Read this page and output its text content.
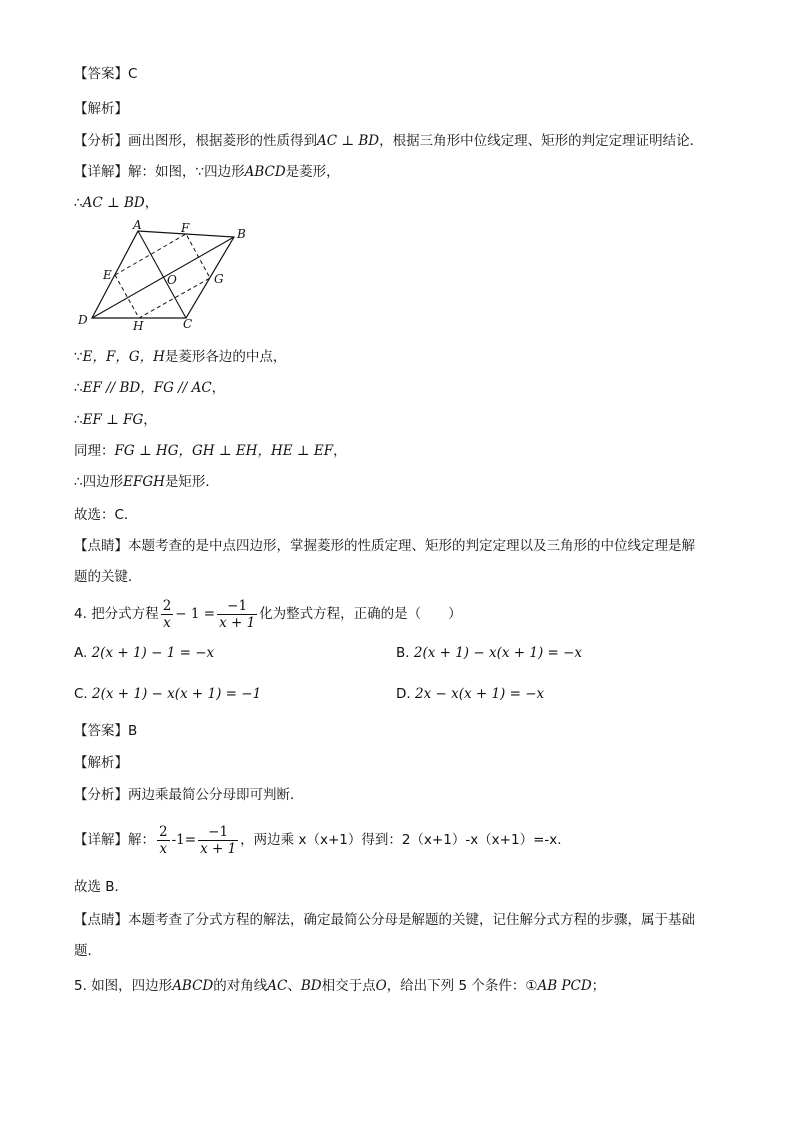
【答案】C
【解析】
【分析】画出图形，根据菱形的性质得到AC ⊥ BD，根据三角形中位线定理、矩形的判定定理证明结论．
【详解】解：如图，∵四边形ABCD是菱形，
∴AC ⊥ BD，
A	F	B
E	O	G
D	H	C
∵E，F，G，H是菱形各边的中点，
∴EF // BD，FG // AC，
∴EF ⊥ FG，
同理：FG ⊥ HG，GH ⊥ EH，HE ⊥ EF，
∴四边形EFGH是矩形．
故选：C．
【点睛】本题考查的是中点四边形，掌握菱形的性质定理、矩形的判定定理以及三角形的中位线定理是解
题的关键．
4. 把分式方程 $\frac{2}{x} - 1 = \frac{-1}{x + 1}$ 化为整式方程，正确的是（　　）
A. 2(x + 1) − 1 = −x	B. 2(x + 1) − x(x + 1) = −x
C. 2(x + 1) − x(x + 1) = −1	D. 2x − x(x + 1) = −x
【答案】B
【解析】
【分析】两边乘最简公分母即可判断．
【详解】解： $\frac{2}{x} -1= \frac{-1}{x + 1}$ ，两边乘 x（x+1）得到：2（x+1）-x（x+1）=-x.
故选 B．
【点睛】本题考查了分式方程的解法，确定最简公分母是解题的关键，记住解分式方程的步骤，属于基础
题．
5. 如图，四边形ABCD的对角线AC、BD相交于点O，给出下列 5 个条件：①AB PCD；
